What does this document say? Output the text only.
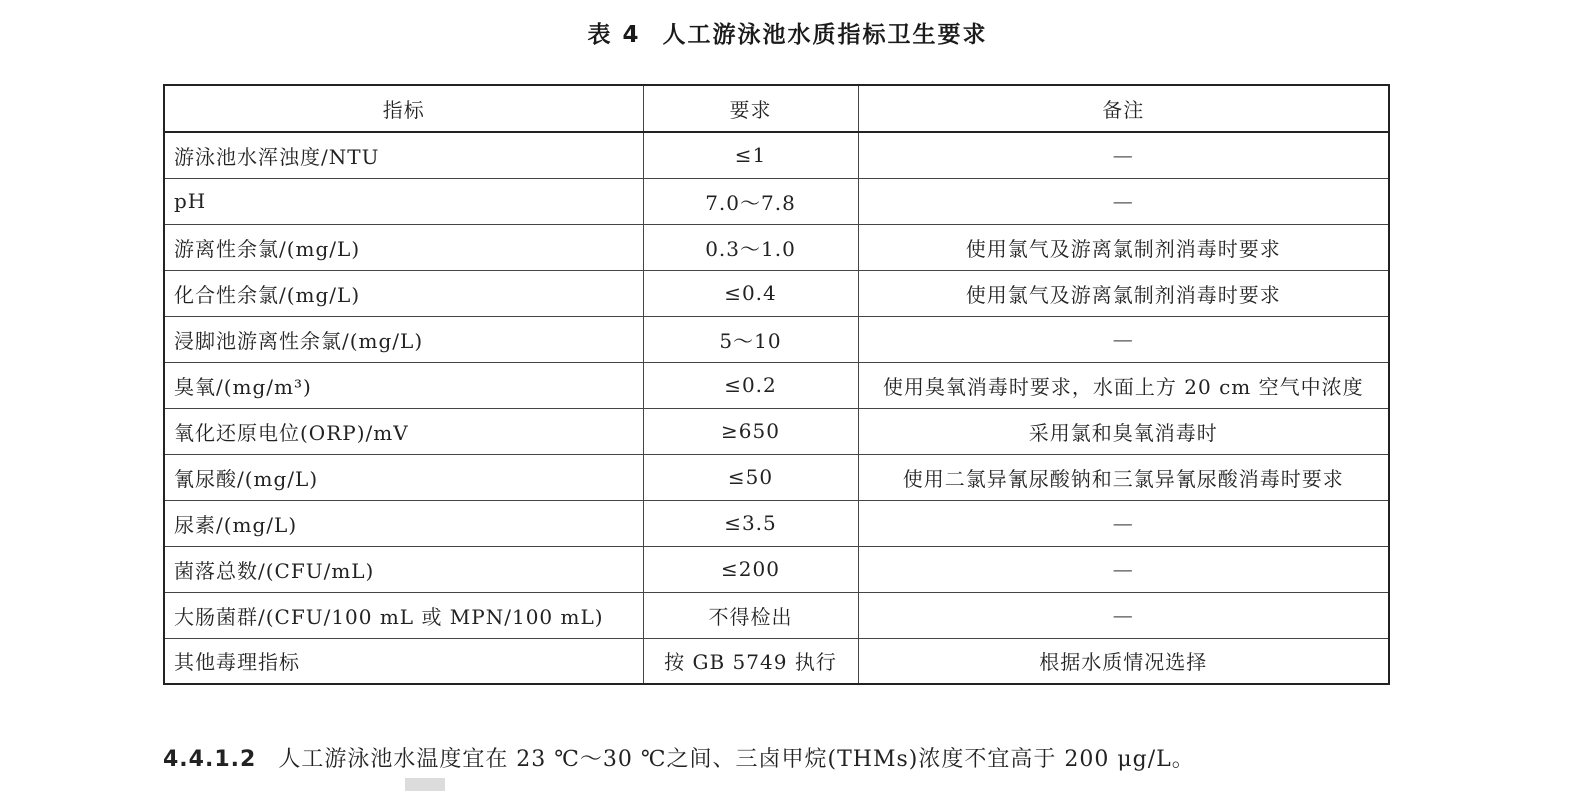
表 4 人工游泳池水质指标卫生要求
指标	要求	备注
游泳池水浑浊度/NTU	≤1	—
pH	7.0～7.8	—
游离性余氯/(mg/L)	0.3～1.0	使用氯气及游离氯制剂消毒时要求
化合性余氯/(mg/L)	≤0.4	使用氯气及游离氯制剂消毒时要求
浸脚池游离性余氯/(mg/L)	5～10	—
臭氧/(mg/m³)	≤0.2	使用臭氧消毒时要求，水面上方 20 cm 空气中浓度
氧化还原电位(ORP)/mV	≥650	采用氯和臭氧消毒时
氰尿酸/(mg/L)	≤50	使用二氯异氰尿酸钠和三氯异氰尿酸消毒时要求
尿素/(mg/L)	≤3.5	—
菌落总数/(CFU/mL)	≤200	—
大肠菌群/(CFU/100 mL 或 MPN/100 mL)	不得检出	—
其他毒理指标	按 GB 5749 执行	根据水质情况选择
4.4.1.2 人工游泳池水温度宜在 23 ℃～30 ℃之间、三卤甲烷(THMs)浓度不宜高于 200 μg/L。
